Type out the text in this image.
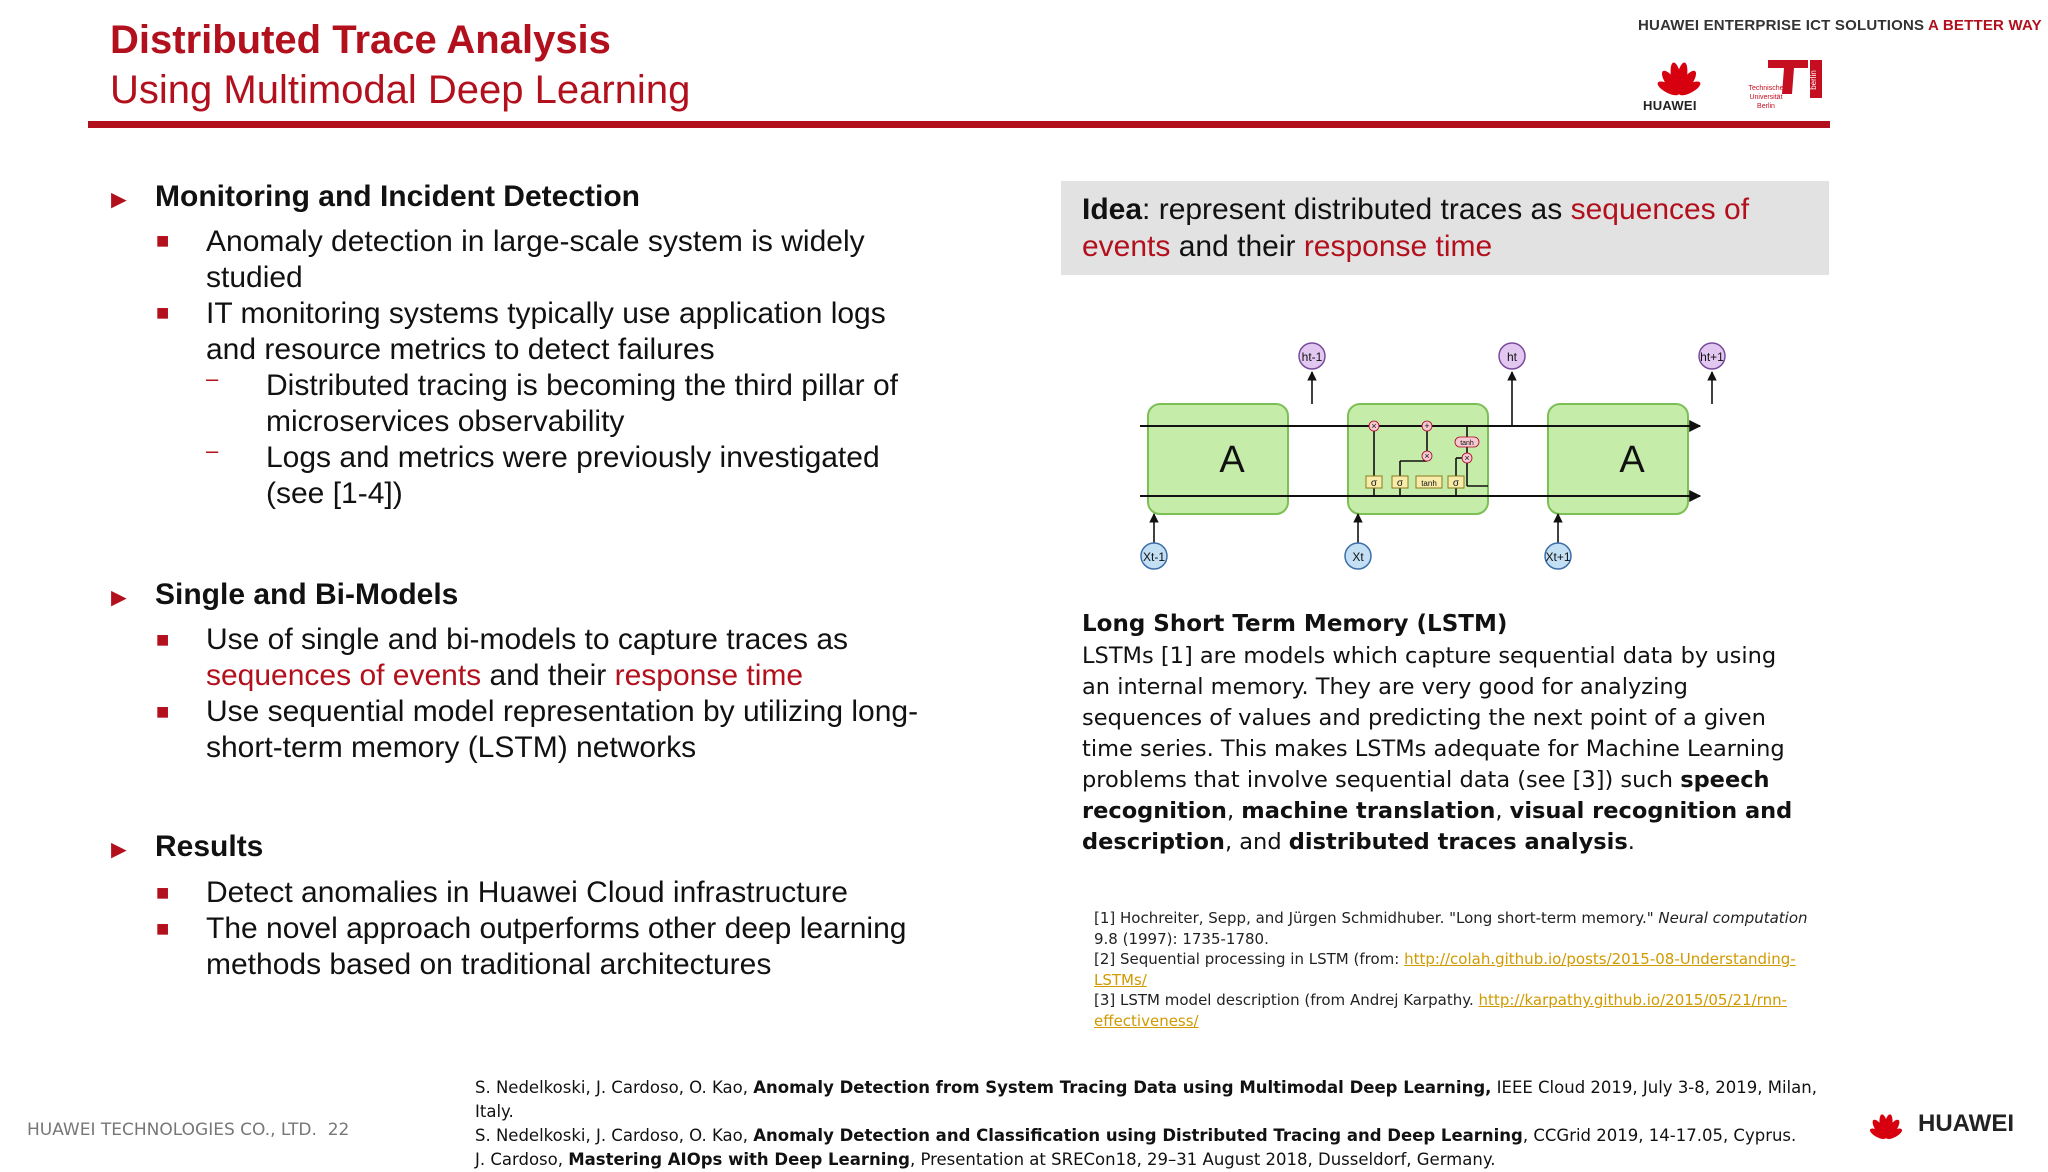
Distributed Trace Analysis
Using Multimodal Deep Learning
HUAWEI ENTERPRISE ICT SOLUTIONS A BETTER WAY
HUAWEI
berlin
Technische
Universität
Berlin
► Monitoring and Incident Detection
■ Anomaly detection in large-scale system is widely
studied
■ IT monitoring systems typically use application logs
and resource metrics to detect failures
– Distributed tracing is becoming the third pillar of
microservices observability
– Logs and metrics were previously investigated
(see [1-4])
► Single and Bi-Models
■ Use of single and bi-models to capture traces as
sequences of events and their response time
■ Use sequential model representation by utilizing long-
short-term memory (LSTM) networks
► Results
■ Detect anomalies in Huawei Cloud infrastructure
■ The novel approach outperforms other deep learning
methods based on traditional architectures
Idea: represent distributed traces as sequences of events and their response time
A	A
σ σ tanh σ
×	+
×	×
tanh
Xt-1	Xt	Xt+1
ht-1	ht	ht+1
Long Short Term Memory (LSTM)
LSTMs [1] are models which capture sequential data by using an internal memory. They are very good for analyzing sequences of values and predicting the next point of a given time series. This makes LSTMs adequate for Machine Learning problems that involve sequential data (see [3]) such speech recognition, machine translation, visual recognition and description, and distributed traces analysis.
[1] Hochreiter, Sepp, and Jürgen Schmidhuber. "Long short-term memory." Neural computation 9.8 (1997): 1735-1780.
[2] Sequential processing in LSTM (from: http://colah.github.io/posts/2015-08-Understanding-LSTMs/
[3] LSTM model description (from Andrej Karpathy. http://karpathy.github.io/2015/05/21/rnn-effectiveness/
HUAWEI TECHNOLOGIES CO., LTD. 22
S. Nedelkoski, J. Cardoso, O. Kao, Anomaly Detection from System Tracing Data using Multimodal Deep Learning, IEEE Cloud 2019, July 3-8, 2019, Milan, Italy.
S. Nedelkoski, J. Cardoso, O. Kao, Anomaly Detection and Classification using Distributed Tracing and Deep Learning, CCGrid 2019, 14-17.05, Cyprus.
J. Cardoso, Mastering AIOps with Deep Learning, Presentation at SRECon18, 29–31 August 2018, Dusseldorf, Germany.
HUAWEI
